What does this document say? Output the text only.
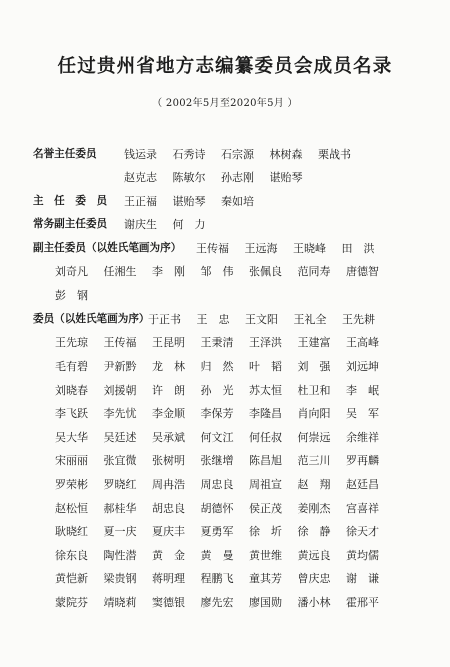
任过贵州省地方志编纂委员会成员名录
（ 2002年5月至2020年5月 ）
名誉主任委员 钱运录 石秀诗 石宗源 林树森 栗战书
赵克志 陈敏尔 孙志刚 谌贻琴
主　任　委　员 王正福 谌贻琴 秦如培
常务副主任委员 谢庆生 何　力
副主任委员（以姓氏笔画为序） 王传福 王远海 王晓峰 田　洪
刘奇凡 任湘生 李　刚 邹　伟 张佩良 范同寿 唐德智
彭　钢
委员（以姓氏笔画为序）
于正书 王　忠 王文阳 王礼全 王先耕
王先琼 王传福 王昆明 王秉清 王泽洪 王建富 王高峰
毛有碧 尹新黔 龙　林 归　然 叶　韬 刘　强 刘远坤
刘晓春 刘援朝 许　朗 孙　光 苏太恒 杜卫和 李　岷
李飞跃 李先忧 李金顺 李保芳 李隆昌 肖向阳 吴　军
吴大华 吴廷述 吴承斌 何文江 何任叔 何崇远 余维祥
宋丽丽 张宜微 张树明 张继增 陈昌旭 范三川 罗再麟
罗荣彬 罗晓红 周冉浩 周忠良 周祖宣 赵　翔 赵廷昌
赵松恒 郝桂华 胡忠良 胡德怀 侯正茂 姜刚杰 宫喜祥
耿晓红 夏一庆 夏庆丰 夏勇军 徐　圻 徐　静 徐天才
徐东良 陶性潜 黄　金 黄　曼 黄世维 黄远良 黄均儒
黄恺新 梁贵钢 蒋明理 程鹏飞 童其芳 曾庆忠 谢　谦
蒙院芬 靖晓莉 窦德银 廖先宏 廖国勋 潘小林 霍邢平
